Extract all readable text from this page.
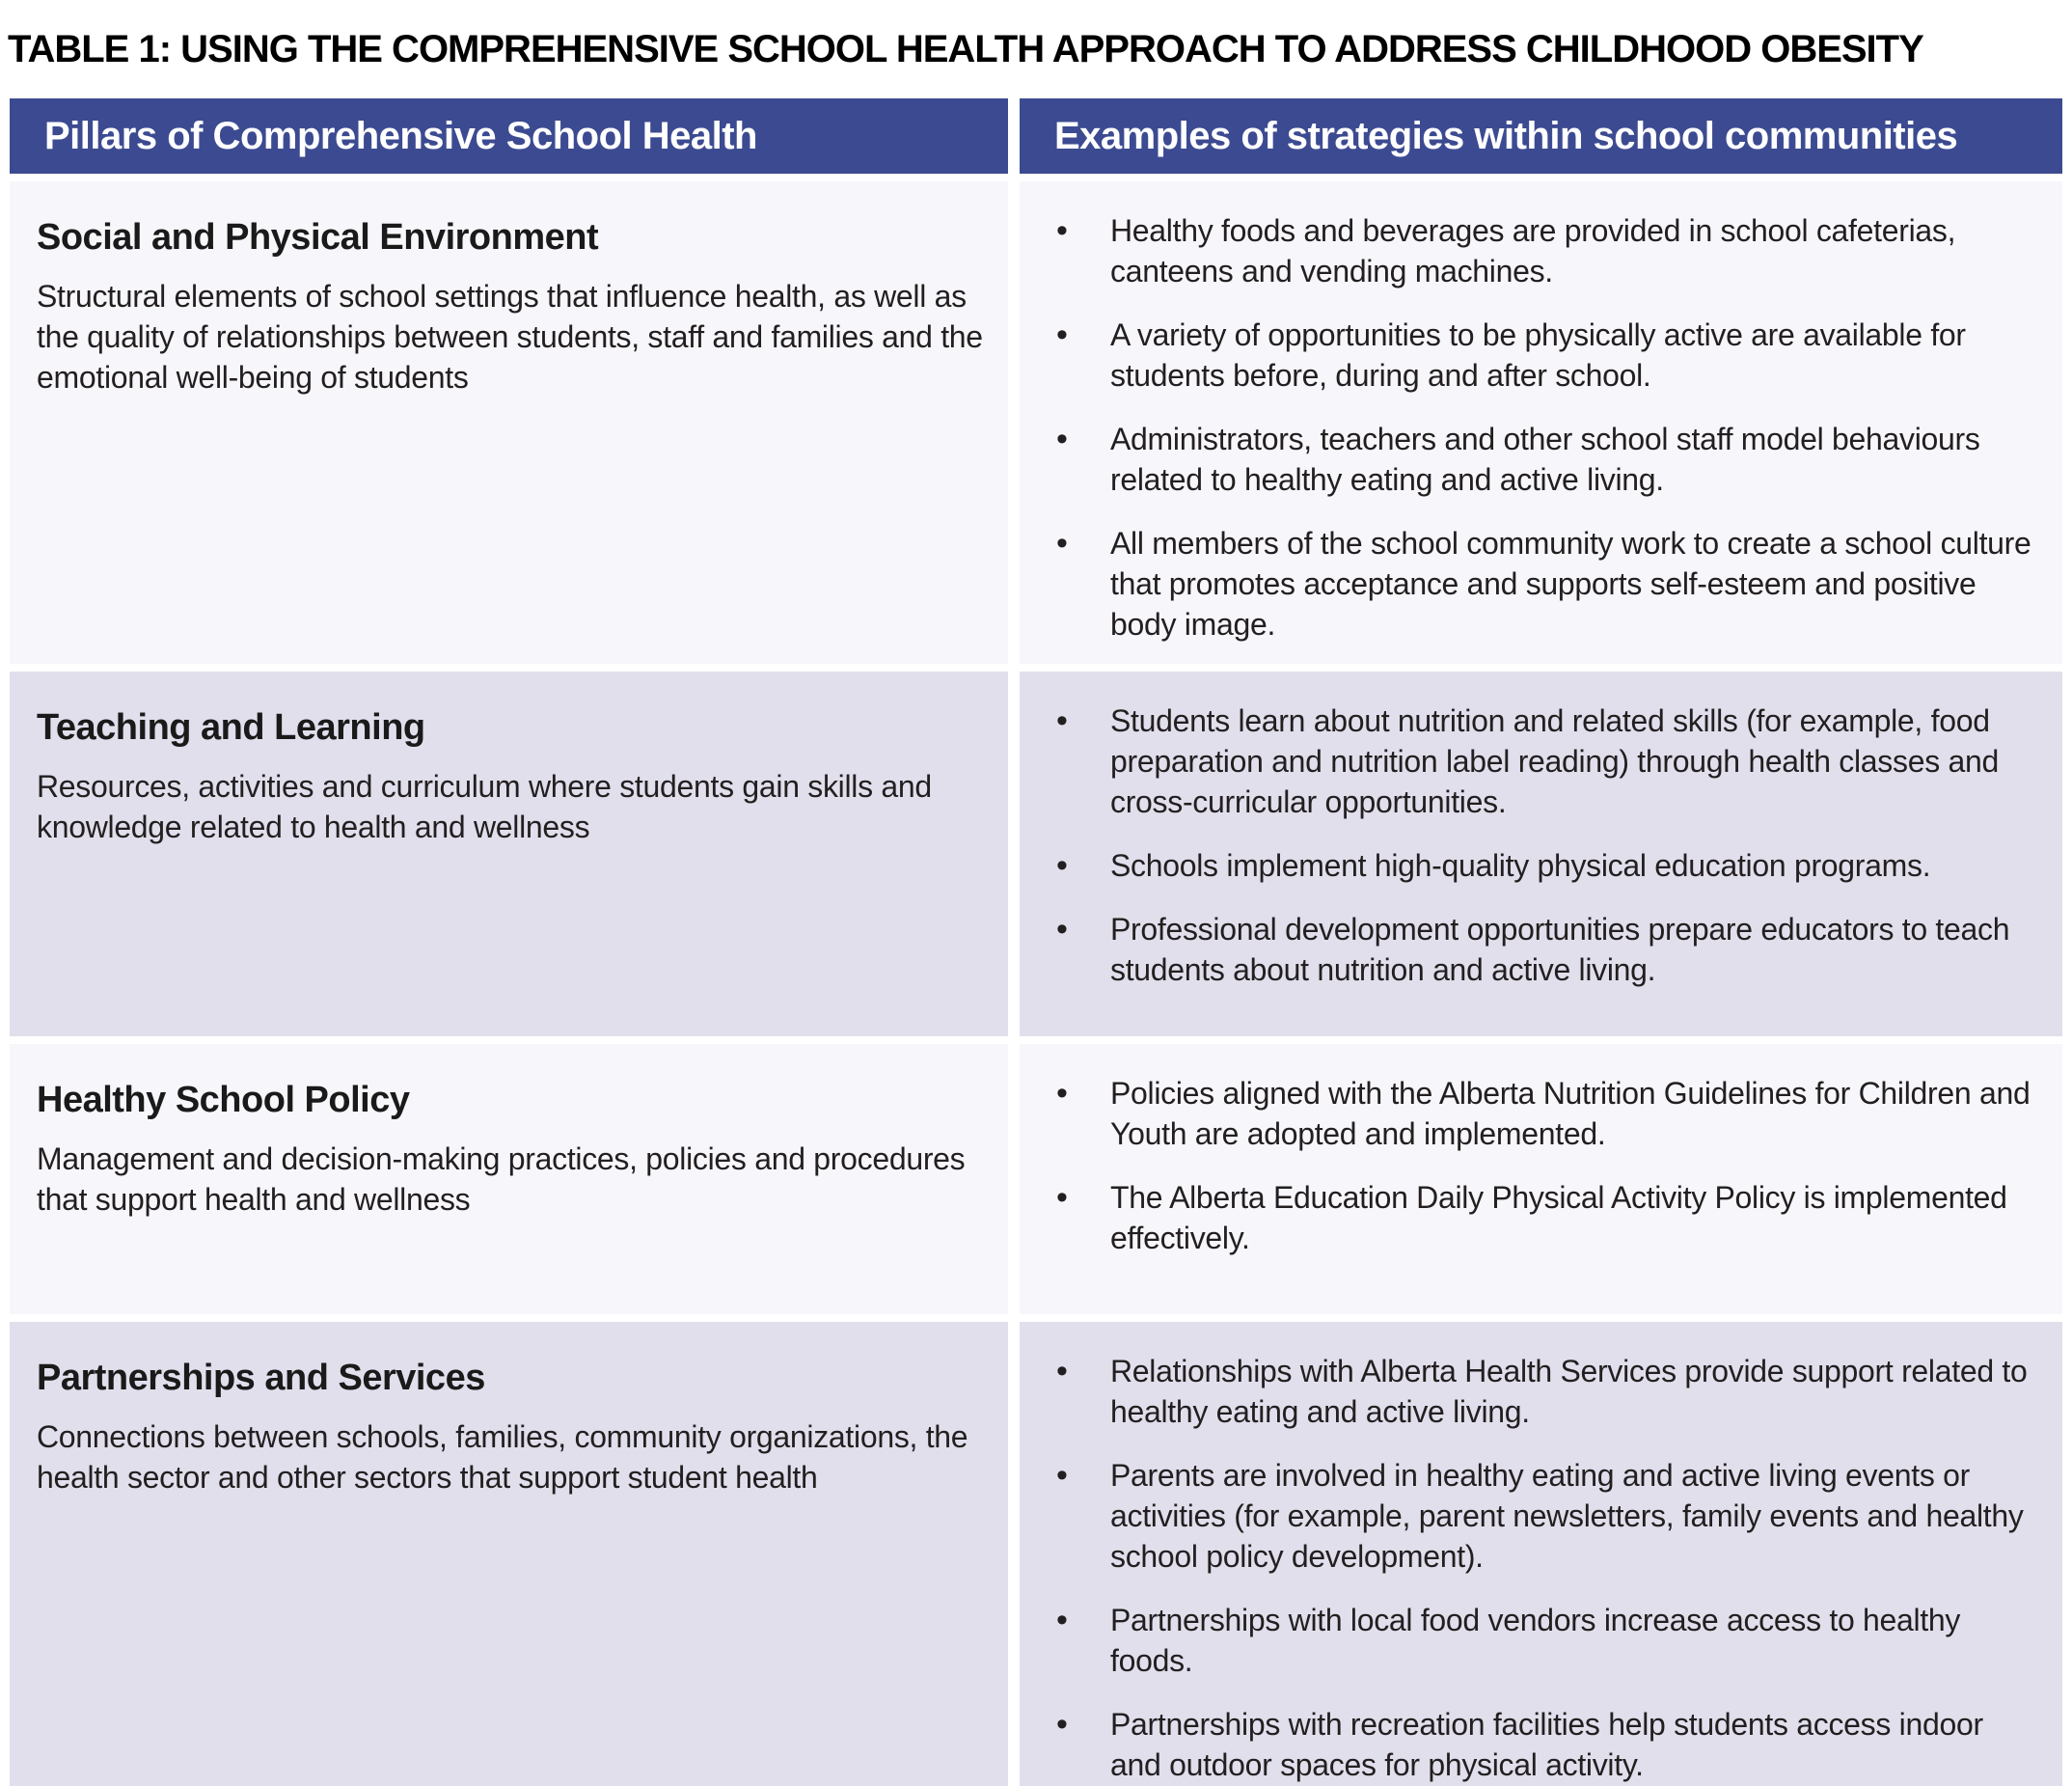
TABLE 1: USING THE COMPREHENSIVE SCHOOL HEALTH APPROACH TO ADDRESS CHILDHOOD OBESITY
Pillars of Comprehensive School Health	Examples of strategies within school communities
Social and Physical Environment

Structural elements of school settings that influence health, as well as the quality of relationships between students, staff and families and the emotional well-being of students

•	Healthy foods and beverages are provided in school cafeterias, canteens and vending machines.
•	A variety of opportunities to be physically active are available for students before, during and after school.
•	Administrators, teachers and other school staff model behaviours related to healthy eating and active living.
•	All members of the school community work to create a school culture that promotes acceptance and supports self-esteem and positive body image.
Teaching and Learning

Resources, activities and curriculum where students gain skills and knowledge related to health and wellness

•	Students learn about nutrition and related skills (for example, food preparation and nutrition label reading) through health classes and cross-curricular opportunities.
•	Schools implement high-quality physical education programs.
•	Professional development opportunities prepare educators to teach students about nutrition and active living.
Healthy School Policy

Management and decision-making practices, policies and procedures that support health and wellness

•	Policies aligned with the Alberta Nutrition Guidelines for Children and Youth are adopted and implemented.
•	The Alberta Education Daily Physical Activity Policy is implemented effectively.
Partnerships and Services

Connections between schools, families, community organizations, the health sector and other sectors that support student health

•	Relationships with Alberta Health Services provide support related to healthy eating and active living.
•	Parents are involved in healthy eating and active living events or activities (for example, parent newsletters, family events and healthy school policy development).
•	Partnerships with local food vendors increase access to healthy foods.
•	Partnerships with recreation facilities help students access indoor and outdoor spaces for physical activity.
